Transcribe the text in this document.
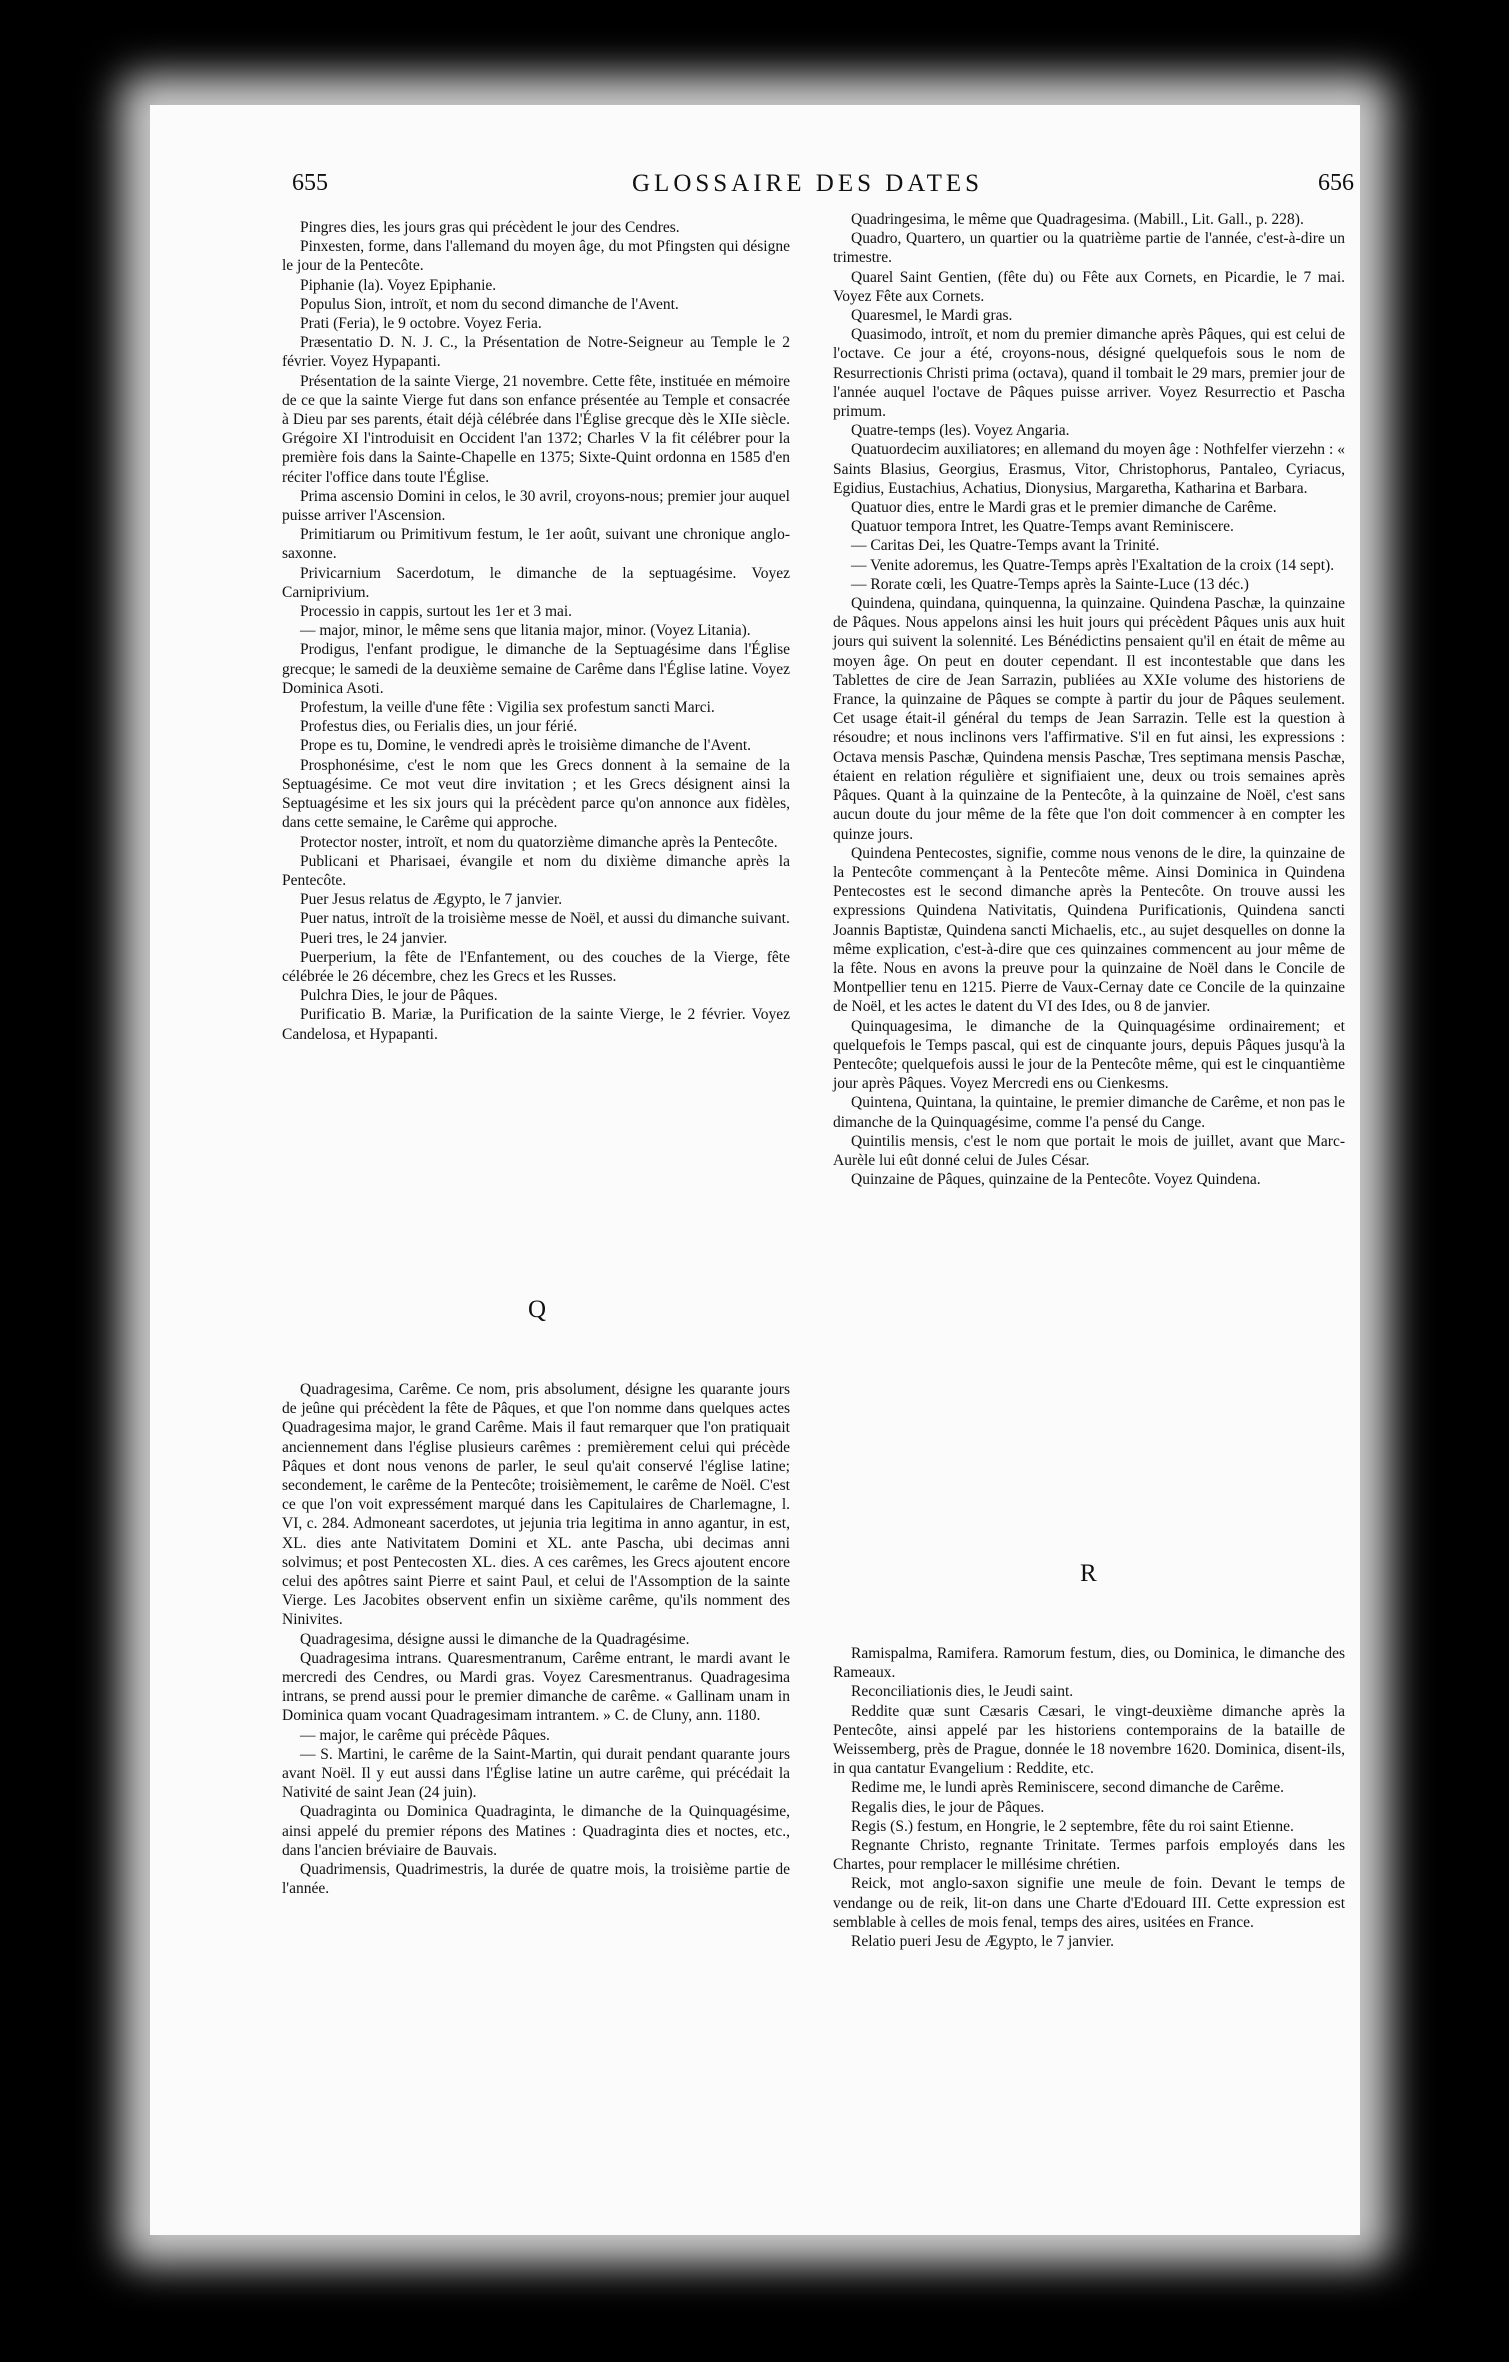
655	GLOSSAIRE DES DATES	656

Pingres dies, les jours gras qui précèdent le jour des Cendres.

Pinxesten, forme, dans l'allemand du moyen âge, du mot Pfingsten qui désigne le jour de la Pentecôte.

Piphanie (la). Voyez Epiphanie.

Populus Sion, introït, et nom du second dimanche de l'Avent.

Prati (Feria), le 9 octobre. Voyez Feria.

Præsentatio D. N. J. C., la Présentation de Notre-Seigneur au Temple le 2 février. Voyez Hypapanti.

Présentation de la sainte Vierge, 21 novembre. Cette fête, instituée en mémoire de ce que la sainte Vierge fut dans son enfance présentée au Temple et consacrée à Dieu par ses parents, était déjà célébrée dans l'Église grecque dès le XIIe siècle. Grégoire XI l'introduisit en Occident l'an 1372; Charles V la fit célébrer pour la première fois dans la Sainte-Chapelle en 1375; Sixte-Quint ordonna en 1585 d'en réciter l'office dans toute l'Église.

Prima ascensio Domini in celos, le 30 avril, croyons-nous; premier jour auquel puisse arriver l'Ascension.

Primitiarum ou Primitivum festum, le 1er août, suivant une chronique anglo-saxonne.

Privicarnium Sacerdotum, le dimanche de la septuagésime. Voyez Carniprivium.

Processio in cappis, surtout les 1er et 3 mai.

— major, minor, le même sens que litania major, minor. (Voyez Litania).

Prodigus, l'enfant prodigue, le dimanche de la Septuagésime dans l'Église grecque; le samedi de la deuxième semaine de Carême dans l'Église latine. Voyez Dominica Asoti.

Profestum, la veille d'une fête : Vigilia sex profestum sancti Marci.

Profestus dies, ou Ferialis dies, un jour férié.

Prope es tu, Domine, le vendredi après le troisième dimanche de l'Avent.

Prosphonésime, c'est le nom que les Grecs donnent à la semaine de la Septuagésime. Ce mot veut dire invitation ; et les Grecs désignent ainsi la Septuagésime et les six jours qui la précèdent parce qu'on annonce aux fidèles, dans cette semaine, le Carême qui approche.

Protector noster, introït, et nom du quatorzième dimanche après la Pentecôte.

Publicani et Pharisaei, évangile et nom du dixième dimanche après la Pentecôte.

Puer Jesus relatus de Ægypto, le 7 janvier.

Puer natus, introït de la troisième messe de Noël, et aussi du dimanche suivant.

Pueri tres, le 24 janvier.

Puerperium, la fête de l'Enfantement, ou des couches de la Vierge, fête célébrée le 26 décembre, chez les Grecs et les Russes.

Pulchra Dies, le jour de Pâques.

Purificatio B. Mariæ, la Purification de la sainte Vierge, le 2 février. Voyez Candelosa, et Hypapanti.

Q

Quadragesima, Carême. Ce nom, pris absolument, désigne les quarante jours de jeûne qui précèdent la fête de Pâques, et que l'on nomme dans quelques actes Quadragesima major, le grand Carême. Mais il faut remarquer que l'on pratiquait anciennement dans l'église plusieurs carêmes : premièrement celui qui précède Pâques et dont nous venons de parler, le seul qu'ait conservé l'église latine; secondement, le carême de la Pentecôte; troisièmement, le carême de Noël. C'est ce que l'on voit expressément marqué dans les Capitulaires de Charlemagne, l. VI, c. 284. Admoneant sacerdotes, ut jejunia tria legitima in anno agantur, in est, XL. dies ante Nativitatem Domini et XL. ante Pascha, ubi decimas anni solvimus; et post Pentecosten XL. dies. A ces carêmes, les Grecs ajoutent encore celui des apôtres saint Pierre et saint Paul, et celui de l'Assomption de la sainte Vierge. Les Jacobites observent enfin un sixième carême, qu'ils nomment des Ninivites.

Quadragesima, désigne aussi le dimanche de la Quadragésime.

Quadragesima intrans. Quaresmentranum, Carême entrant, le mardi avant le mercredi des Cendres, ou Mardi gras. Voyez Caresmentranus. Quadragesima intrans, se prend aussi pour le premier dimanche de carême. « Gallinam unam in Dominica quam vocant Quadragesimam intrantem. » C. de Cluny, ann. 1180.

— major, le carême qui précède Pâques.

— S. Martini, le carême de la Saint-Martin, qui durait pendant quarante jours avant Noël. Il y eut aussi dans l'Église latine un autre carême, qui précédait la Nativité de saint Jean (24 juin).

Quadraginta ou Dominica Quadraginta, le dimanche de la Quinquagésime, ainsi appelé du premier répons des Matines : Quadraginta dies et noctes, etc., dans l'ancien bréviaire de Bauvais.

Quadrimensis, Quadrimestris, la durée de quatre mois, la troisième partie de l'année.

Quadringesima, le même que Quadragesima. (Mabill., Lit. Gall., p. 228).

Quadro, Quartero, un quartier ou la quatrième partie de l'année, c'est-à-dire un trimestre.

Quarel Saint Gentien, (fête du) ou Fête aux Cornets, en Picardie, le 7 mai. Voyez Fête aux Cornets.

Quaresmel, le Mardi gras.

Quasimodo, introït, et nom du premier dimanche après Pâques, qui est celui de l'octave. Ce jour a été, croyons-nous, désigné quelquefois sous le nom de Resurrectionis Christi prima (octava), quand il tombait le 29 mars, premier jour de l'année auquel l'octave de Pâques puisse arriver. Voyez Resurrectio et Pascha primum.

Quatre-temps (les). Voyez Angaria.

Quatuordecim auxiliatores; en allemand du moyen âge : Nothfelfer vierzehn : « Saints Blasius, Georgius, Erasmus, Vitor, Christophorus, Pantaleo, Cyriacus, Egidius, Eustachius, Achatius, Dionysius, Margaretha, Katharina et Barbara.

Quatuor dies, entre le Mardi gras et le premier dimanche de Carême.

Quatuor tempora Intret, les Quatre-Temps avant Reminiscere.

— Caritas Dei, les Quatre-Temps avant la Trinité.

— Venite adoremus, les Quatre-Temps après l'Exaltation de la croix (14 sept).

— Rorate cœli, les Quatre-Temps après la Sainte-Luce (13 déc.)

Quindena, quindana, quinquenna, la quinzaine. Quindena Paschæ, la quinzaine de Pâques. Nous appelons ainsi les huit jours qui précèdent Pâques unis aux huit jours qui suivent la solennité. Les Bénédictins pensaient qu'il en était de même au moyen âge. On peut en douter cependant. Il est incontestable que dans les Tablettes de cire de Jean Sarrazin, publiées au XXIe volume des historiens de France, la quinzaine de Pâques se compte à partir du jour de Pâques seulement. Cet usage était-il général du temps de Jean Sarrazin. Telle est la question à résoudre; et nous inclinons vers l'affirmative. S'il en fut ainsi, les expressions : Octava mensis Paschæ, Quindena mensis Paschæ, Tres septimana mensis Paschæ, étaient en relation régulière et signifiaient une, deux ou trois semaines après Pâques. Quant à la quinzaine de la Pentecôte, à la quinzaine de Noël, c'est sans aucun doute du jour même de la fête que l'on doit commencer à en compter les quinze jours.

Quindena Pentecostes, signifie, comme nous venons de le dire, la quinzaine de la Pentecôte commençant à la Pentecôte même. Ainsi Dominica in Quindena Pentecostes est le second dimanche après la Pentecôte. On trouve aussi les expressions Quindena Nativitatis, Quindena Purificationis, Quindena sancti Joannis Baptistæ, Quindena sancti Michaelis, etc., au sujet desquelles on donne la même explication, c'est-à-dire que ces quinzaines commencent au jour même de la fête. Nous en avons la preuve pour la quinzaine de Noël dans le Concile de Montpellier tenu en 1215. Pierre de Vaux-Cernay date ce Concile de la quinzaine de Noël, et les actes le datent du VI des Ides, ou 8 de janvier.

Quinquagesima, le dimanche de la Quinquagésime ordinairement; et quelquefois le Temps pascal, qui est de cinquante jours, depuis Pâques jusqu'à la Pentecôte; quelquefois aussi le jour de la Pentecôte même, qui est le cinquantième jour après Pâques. Voyez Mercredi ens ou Cienkesms.

Quintena, Quintana, la quintaine, le premier dimanche de Carême, et non pas le dimanche de la Quinquagésime, comme l'a pensé du Cange.

Quintilis mensis, c'est le nom que portait le mois de juillet, avant que Marc-Aurèle lui eût donné celui de Jules César.

Quinzaine de Pâques, quinzaine de la Pentecôte. Voyez Quindena.

R

Ramispalma, Ramifera. Ramorum festum, dies, ou Dominica, le dimanche des Rameaux.

Reconciliationis dies, le Jeudi saint.

Reddite quæ sunt Cæsaris Cæsari, le vingt-deuxième dimanche après la Pentecôte, ainsi appelé par les historiens contemporains de la bataille de Weissemberg, près de Prague, donnée le 18 novembre 1620. Dominica, disent-ils, in qua cantatur Evangelium : Reddite, etc.

Redime me, le lundi après Reminiscere, second dimanche de Carême.

Regalis dies, le jour de Pâques.

Regis (S.) festum, en Hongrie, le 2 septembre, fête du roi saint Etienne.

Regnante Christo, regnante Trinitate. Termes parfois employés dans les Chartes, pour remplacer le millésime chrétien.

Reick, mot anglo-saxon signifie une meule de foin. Devant le temps de vendange ou de reik, lit-on dans une Charte d'Edouard III. Cette expression est semblable à celles de mois fenal, temps des aires, usitées en France.

Relatio pueri Jesu de Ægypto, le 7 janvier.
